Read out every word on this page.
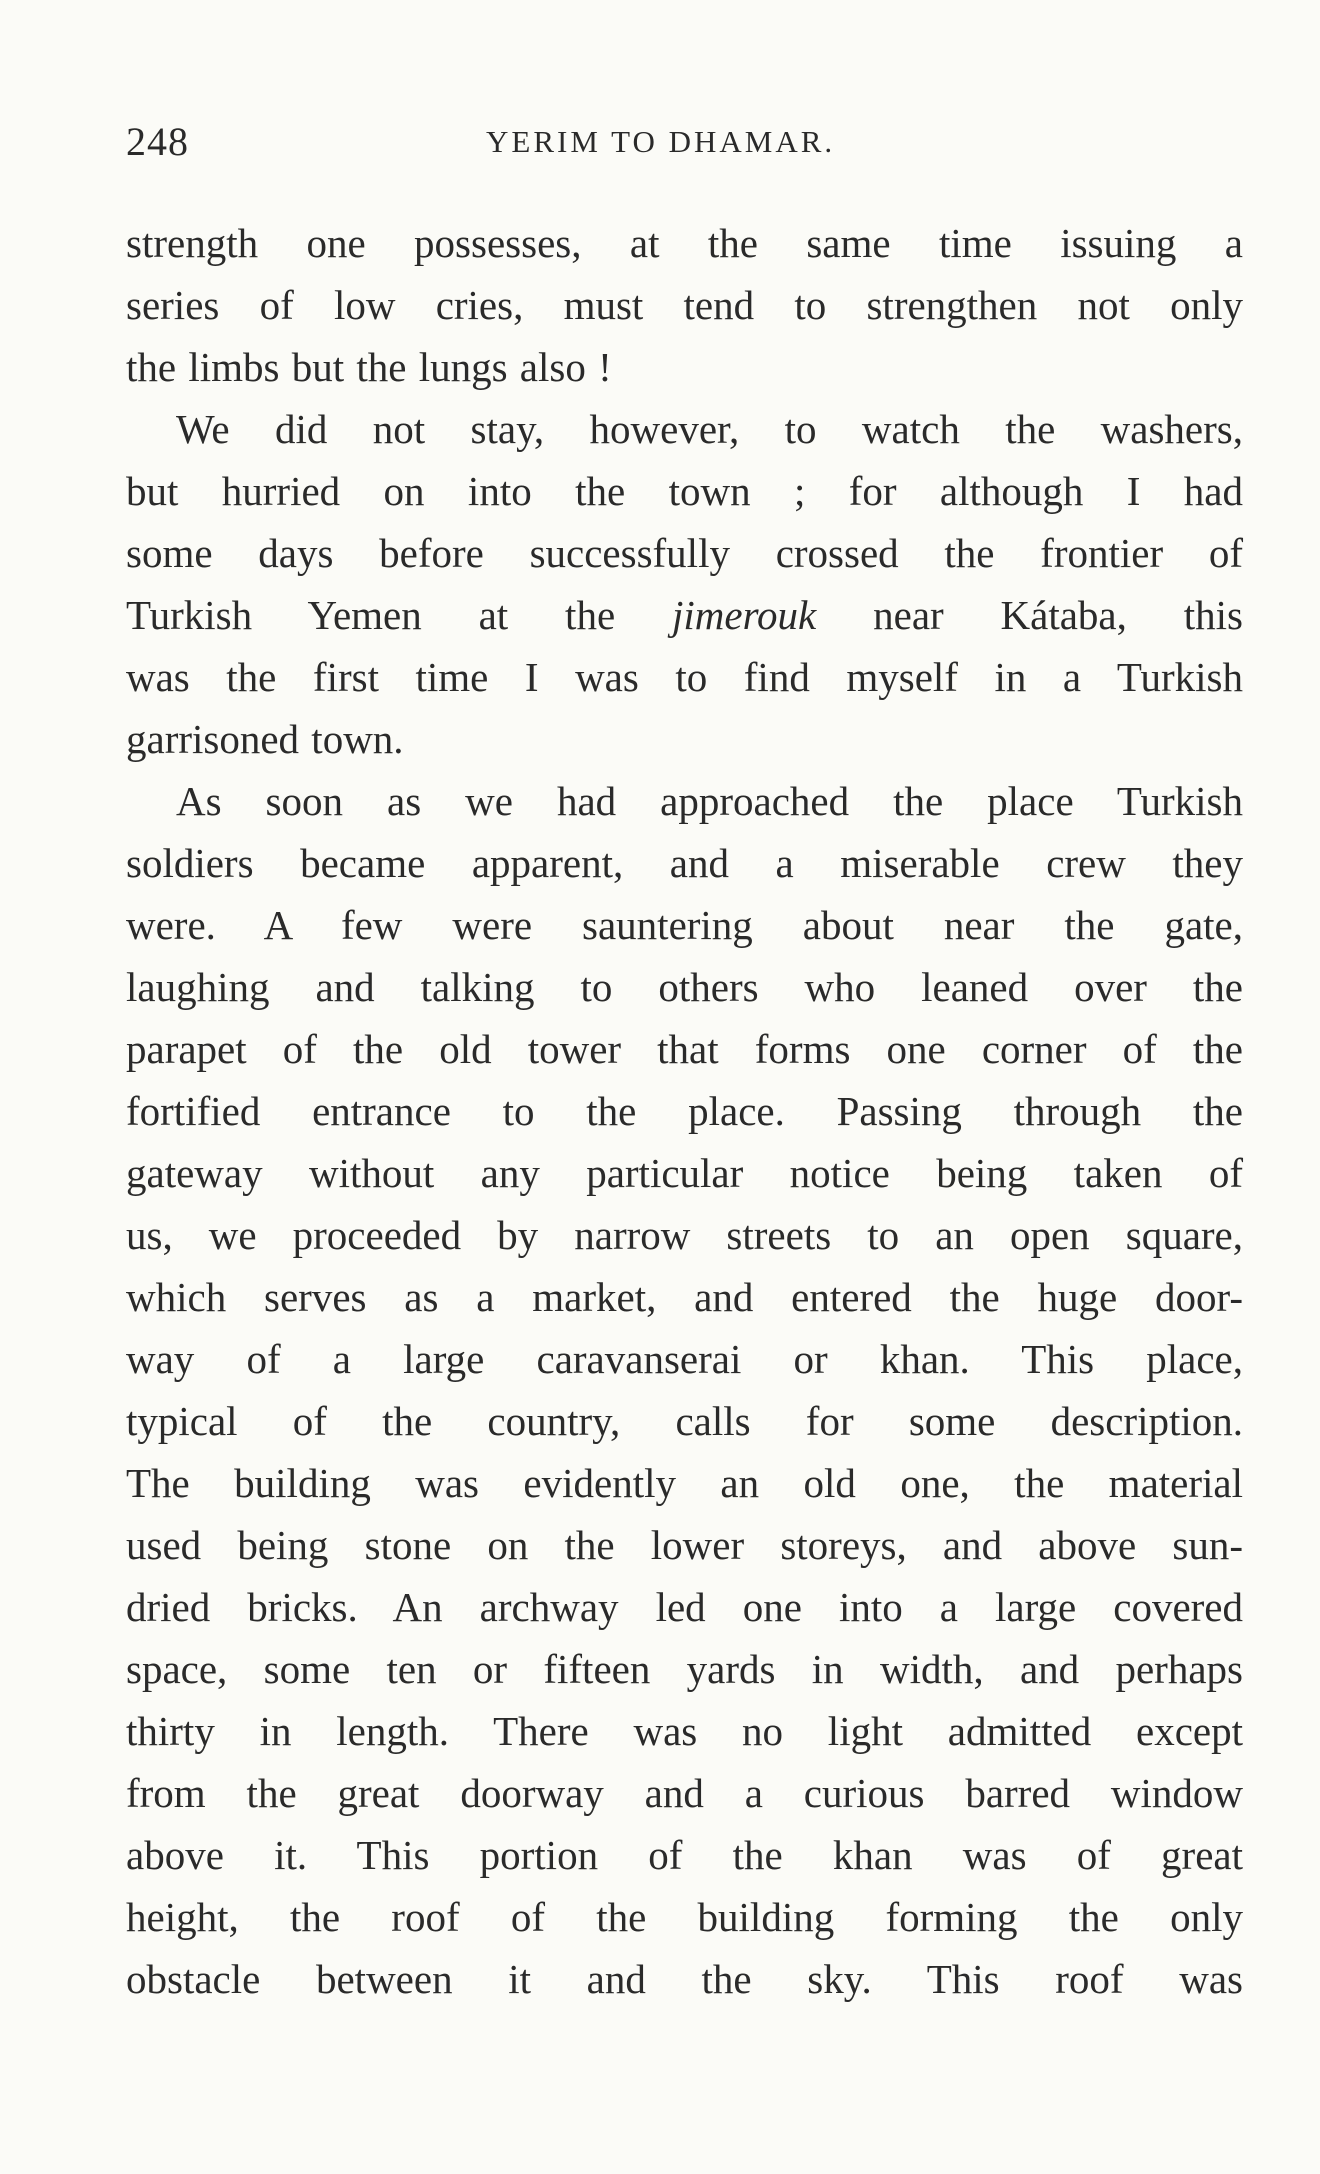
248	YERIM TO DHAMAR.
strength one possesses, at the same time issuing a
series of low cries, must tend to strengthen not only
the limbs but the lungs also !
We did not stay, however, to watch the washers,
but hurried on into the town ; for although I had
some days before successfully crossed the frontier of
Turkish Yemen at the jimerouk near Kátaba, this
was the first time I was to find myself in a Turkish
garrisoned town.
As soon as we had approached the place Turkish
soldiers became apparent, and a miserable crew they
were. A few were sauntering about near the gate,
laughing and talking to others who leaned over the
parapet of the old tower that forms one corner of the
fortified entrance to the place. Passing through the
gateway without any particular notice being taken of
us, we proceeded by narrow streets to an open square,
which serves as a market, and entered the huge door-
way of a large caravanserai or khan. This place,
typical of the country, calls for some description.
The building was evidently an old one, the material
used being stone on the lower storeys, and above sun-
dried bricks. An archway led one into a large covered
space, some ten or fifteen yards in width, and perhaps
thirty in length. There was no light admitted except
from the great doorway and a curious barred window
above it. This portion of the khan was of great
height, the roof of the building forming the only
obstacle between it and the sky. This roof was
